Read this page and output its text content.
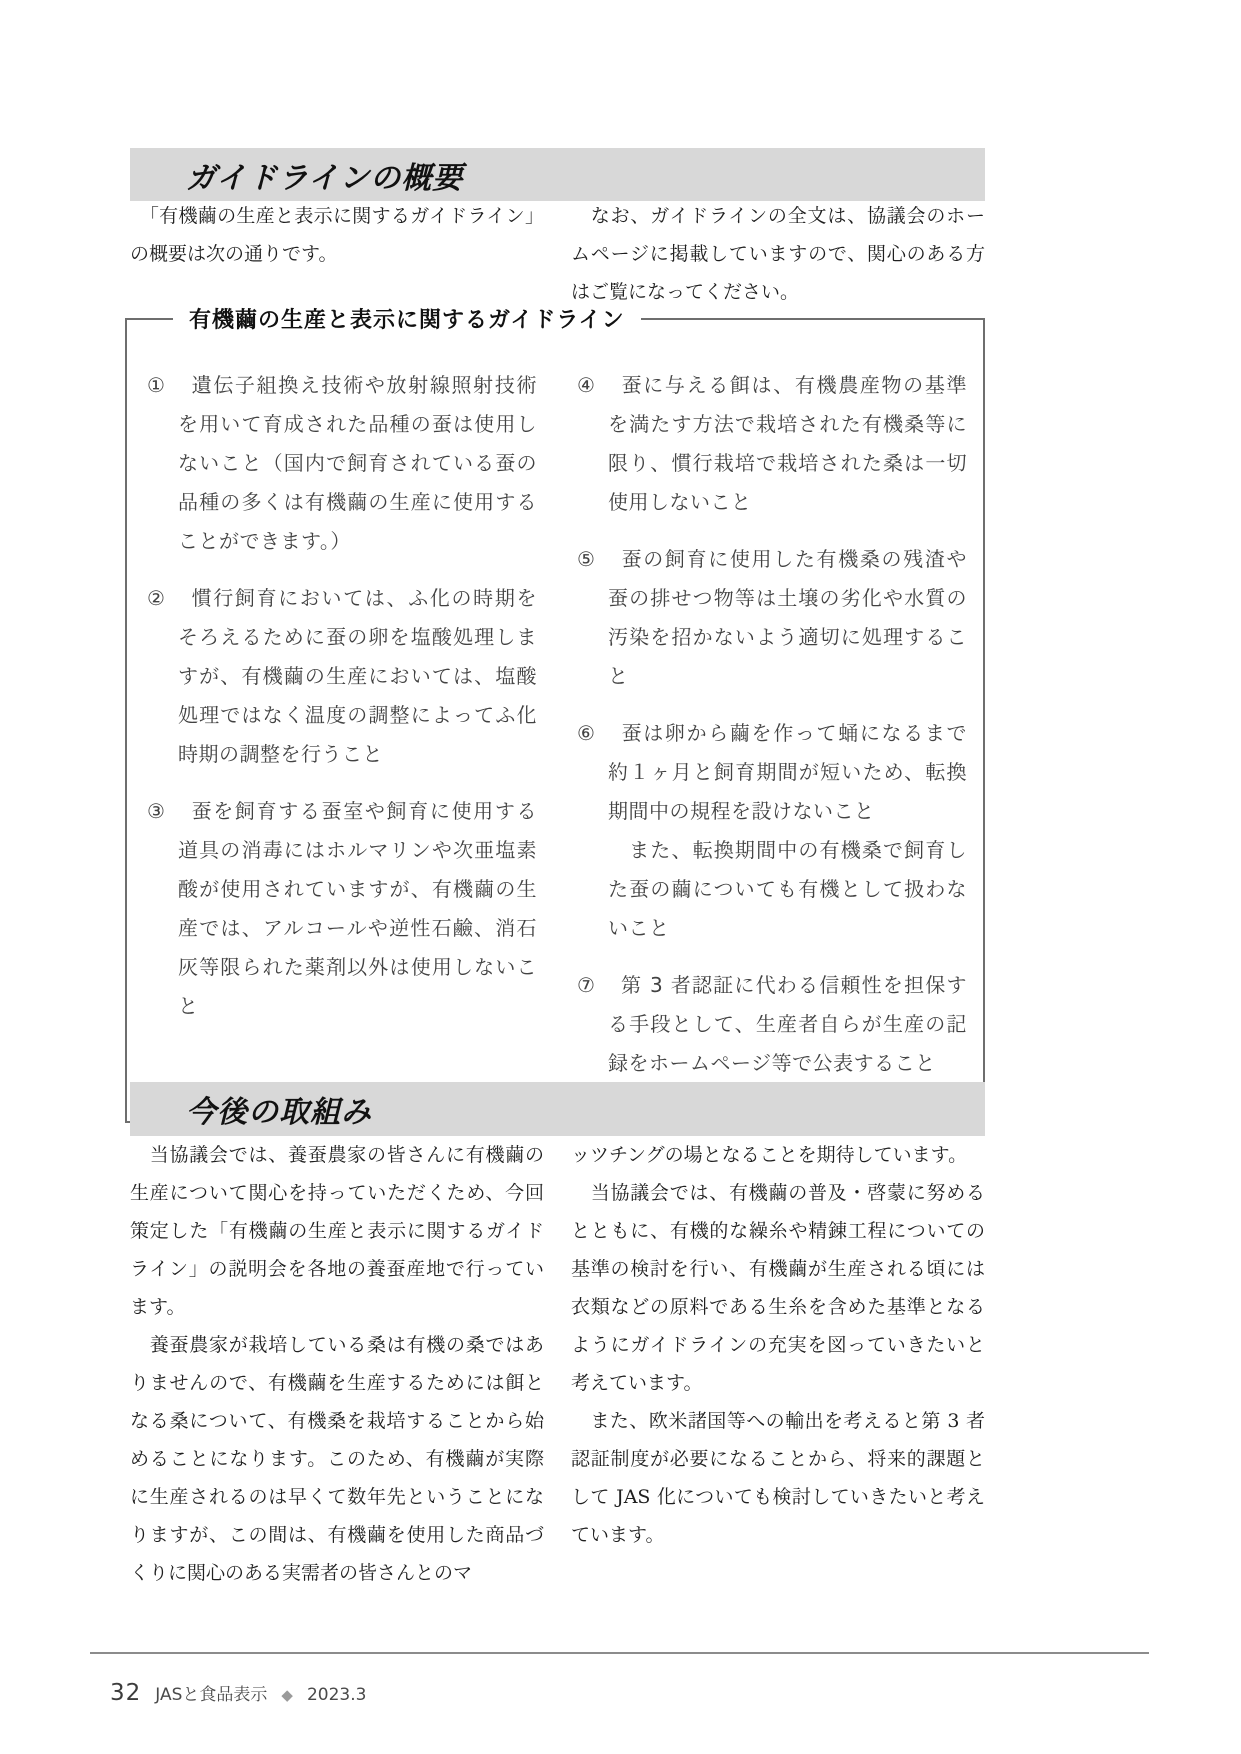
ガイドラインの概要

　「有機繭の生産と表示に関するガイドライン」の概要は次の通りです。

　なお、ガイドラインの全文は、協議会のホームページに掲載していますので、関心のある方はご覧になってください。

有機繭の生産と表示に関するガイドライン

① 遺伝子組換え技術や放射線照射技術を用いて育成された品種の蚕は使用しないこと（国内で飼育されている蚕の品種の多くは有機繭の生産に使用することができます。）

② 慣行飼育においては、ふ化の時期をそろえるために蚕の卵を塩酸処理しますが、有機繭の生産においては、塩酸処理ではなく温度の調整によってふ化時期の調整を行うこと

③ 蚕を飼育する蚕室や飼育に使用する道具の消毒にはホルマリンや次亜塩素酸が使用されていますが、有機繭の生産では、アルコールや逆性石鹼、消石灰等限られた薬剤以外は使用しないこと

④ 蚕に与える餌は、有機農産物の基準を満たす方法で栽培された有機桑等に限り、慣行栽培で栽培された桑は一切使用しないこと

⑤ 蚕の飼育に使用した有機桑の残渣や蚕の排せつ物等は土壌の劣化や水質の汚染を招かないよう適切に処理すること

⑥ 蚕は卵から繭を作って蛹になるまで約１ヶ月と飼育期間が短いため、転換期間中の規程を設けないこと

　また、転換期間中の有機桑で飼育した蚕の繭についても有機として扱わないこと

⑦ 第 3 者認証に代わる信頼性を担保する手段として、生産者自らが生産の記録をホームページ等で公表すること

今後の取組み

　当協議会では、養蚕農家の皆さんに有機繭の生産について関心を持っていただくため、今回策定した「有機繭の生産と表示に関するガイドライン」の説明会を各地の養蚕産地で行っています。

　養蚕農家が栽培している桑は有機の桑ではありませんので、有機繭を生産するためには餌となる桑について、有機桑を栽培することから始めることになります。このため、有機繭が実際に生産されるのは早くて数年先ということになりますが、この間は、有機繭を使用した商品づくりに関心のある実需者の皆さんとのマ

ッツチングの場となることを期待しています。

　当協議会では、有機繭の普及・啓蒙に努めるとともに、有機的な繰糸や精錬工程についての基準の検討を行い、有機繭が生産される頃には衣類などの原料である生糸を含めた基準となるようにガイドラインの充実を図っていきたいと考えています。

　また、欧米諸国等への輸出を考えると第 3 者認証制度が必要になることから、将来的課題として JAS 化についても検討していきたいと考えています。

32 JASと食品表示 ◆ 2023.3
